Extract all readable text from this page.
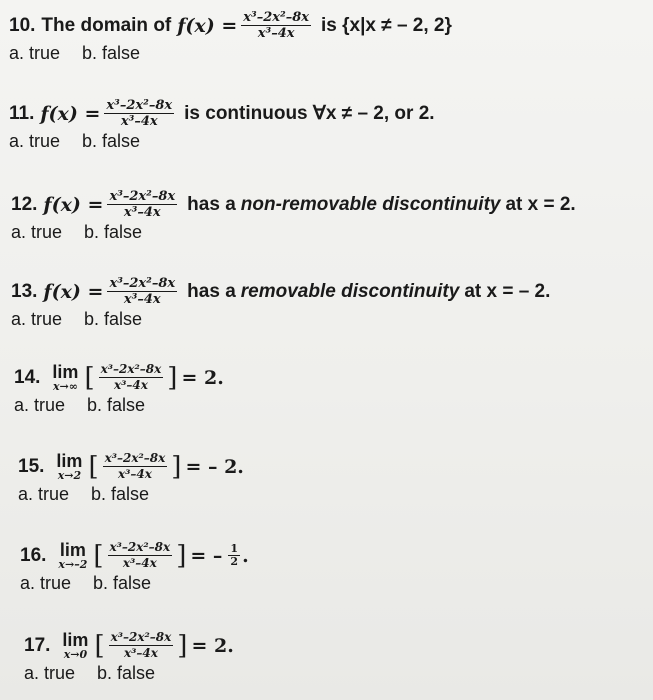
10. The domain of $f(x) = \frac{\text{x³–2x²–8x}}{\text{x³–4x}}$ is {x|x ≠ – 2, 2}
a. true b. false
11. $f(x) = \frac{\text{x³–2x²–8x}}{\text{x³–4x}}$ is continuous ∀x ≠ – 2, or 2.
a. true b. false
12. $f(x) = \frac{\text{x³–2x²–8x}}{\text{x³–4x}}$ has a non-removable discontinuity at x = 2.
a. true b. false
13. $f(x) = \frac{\text{x³–2x²–8x}}{\text{x³–4x}}$ has a removable discontinuity at x = – 2.
a. true b. false
14. lim
x→∞ [ $\frac{\text{x³–2x²–8x}}{\text{x³–4x}}$ ] = 2.
a. true b. false
15. lim
x→2 [ $\frac{\text{x³–2x²–8x}}{\text{x³–4x}}$ ] = – 2.
a. true b. false
16. lim
x→–2 [ $\frac{\text{x³–2x²–8x}}{\text{x³–4x}}$ ] = – $\frac{1}{2}$ .
a. true b. false
17. lim
x→0 [ $\frac{\text{x³–2x²–8x}}{\text{x³–4x}}$ ] = 2.
a. true b. false
